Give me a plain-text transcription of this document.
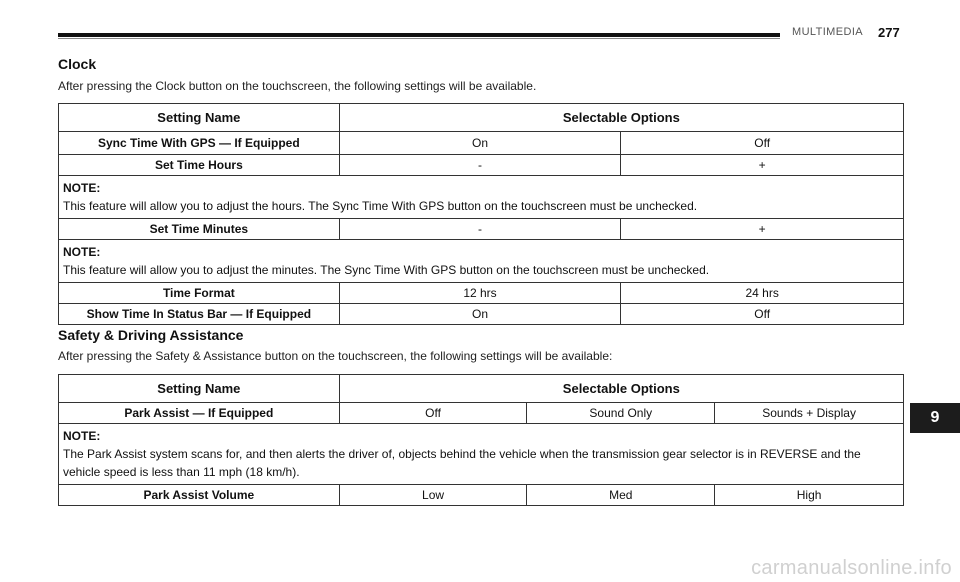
MULTIMEDIA 277
Clock

After pressing the Clock button on the touchscreen, the following settings will be available.

Setting Name	Selectable Options	
Sync Time With GPS — If Equipped	On	Off
Set Time Hours	-	+

NOTE:
This feature will allow you to adjust the hours. The Sync Time With GPS button on the touchscreen must be unchecked.		
Set Time Minutes	-	+

NOTE:
This feature will allow you to adjust the minutes. The Sync Time With GPS button on the touchscreen must be unchecked.		
Time Format	12 hrs	24 hrs
Show Time In Status Bar — If Equipped	On	Off
Safety & Driving Assistance

After pressing the Safety & Assistance button on the touchscreen, the following settings will be available:

Setting Name	Selectable Options		
Park Assist — If Equipped	Off	Sound Only	Sounds + Display

NOTE:
The Park Assist system scans for, and then alerts the driver of, objects behind the vehicle when the transmission gear selector is in REVERSE and the vehicle speed is less than 11 mph (18 km/h).			
Park Assist Volume	Low	Med	High
9
carmanualsonline.info
